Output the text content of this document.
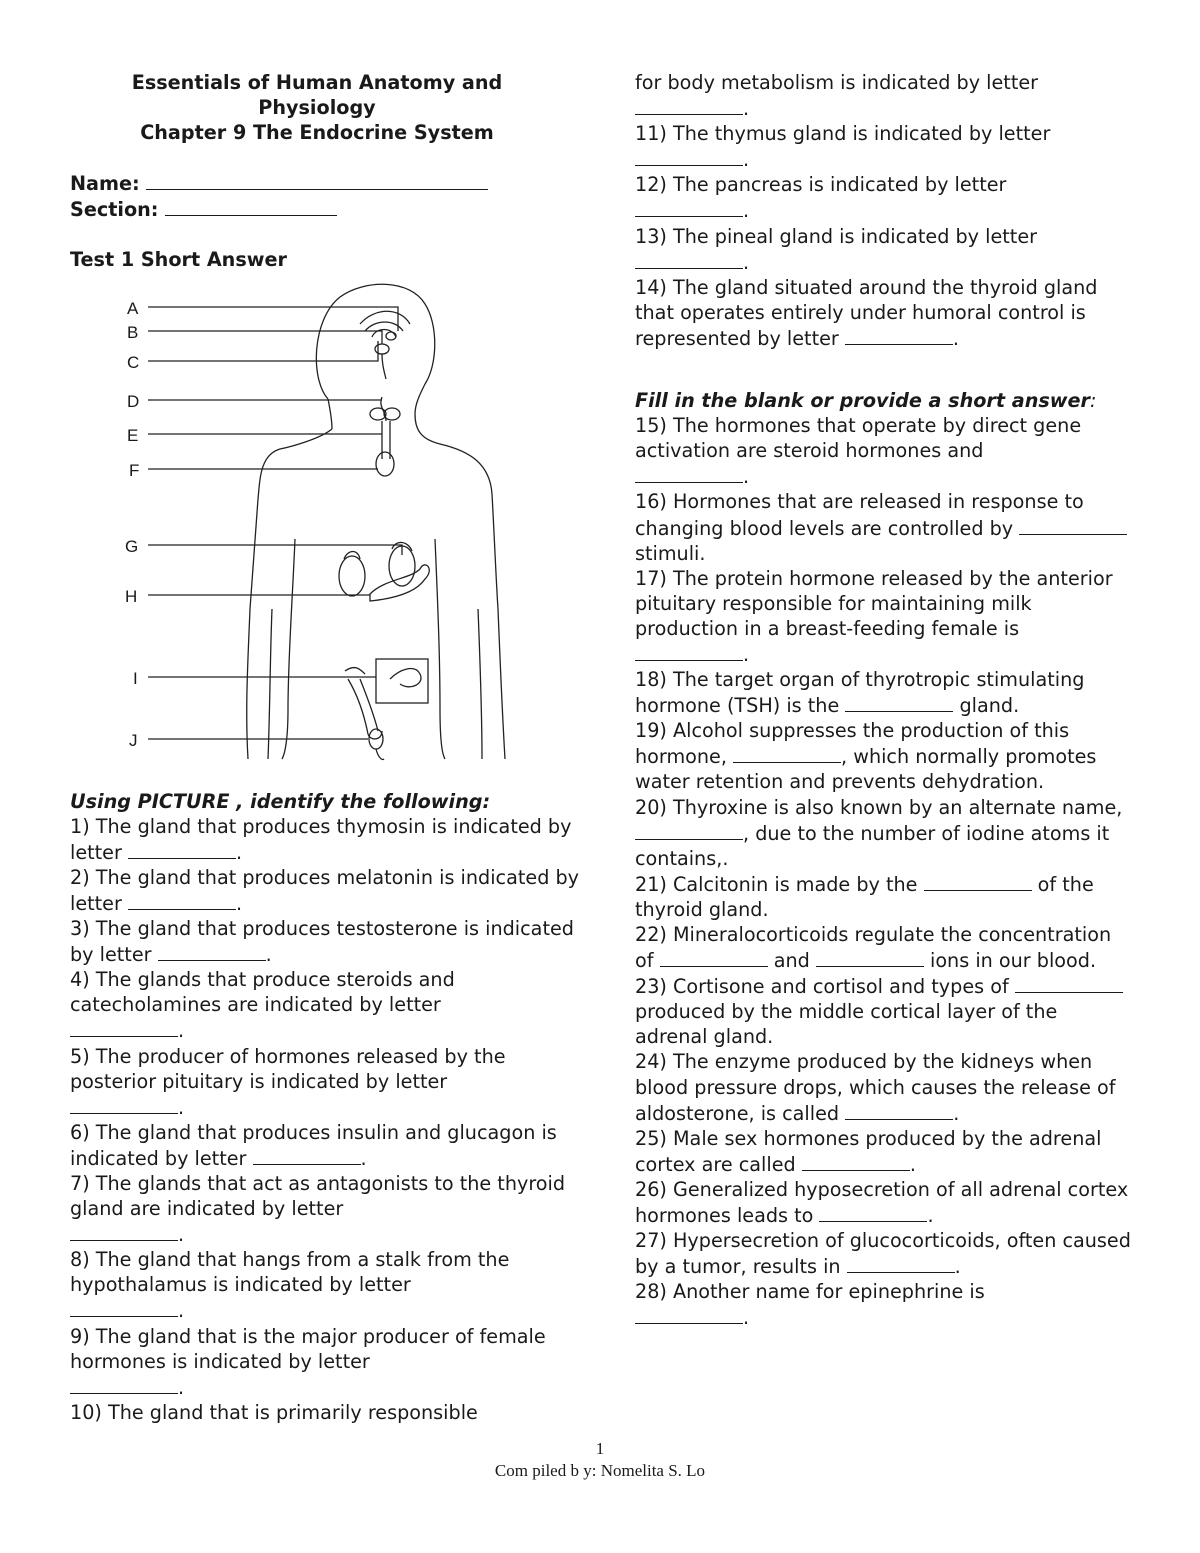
Essentials of Human Anatomy and
Physiology
Chapter 9 The Endocrine System
Name:
Section:
Test 1 Short Answer
A
B
C
D
E
F
G
H
I
J
Using PICTURE , identify the following:
1) The gland that produces thymosin is indicated by letter	.
2) The gland that produces melatonin is indicated by letter	.
3) The gland that produces testosterone is indicated by letter	.
4) The glands that produce steroids and catecholamines are indicated by letter
.
5) The producer of hormones released by the posterior pituitary is indicated by letter
.
6) The gland that produces insulin and glucagon is indicated by letter	.
7) The glands that act as antagonists to the thyroid gland are indicated by letter
.
8) The gland that hangs from a stalk from the hypothalamus is indicated by letter
.
9) The gland that is the major producer of female hormones is indicated by letter
.
10) The gland that is primarily responsible
for body metabolism is indicated by letter
.
11) The thymus gland is indicated by letter
.
12) The pancreas is indicated by letter
.
13) The pineal gland is indicated by letter
.
14) The gland situated around the thyroid gland that operates entirely under humoral control is represented by letter	.
Fill in the blank or provide a short answer:
15) The hormones that operate by direct gene activation are steroid hormones and
.
16) Hormones that are released in response to changing blood levels are controlled by  stimuli.
17) The protein hormone released by the anterior pituitary responsible for maintaining milk production in a breast-feeding female is
.
18) The target organ of thyrotropic stimulating hormone (TSH) is the	gland.
19) Alcohol suppresses the production of this hormone,	, which normally promotes water retention and prevents dehydration.
20) Thyroxine is also known by an alternate name, , due to the number of iodine atoms it contains,.
21) Calcitonin is made by the	of the thyroid gland.
22) Mineralocorticoids regulate the concentration of	and	ions in our blood.
23) Cortisone and cortisol and types of  produced by the middle cortical layer of the adrenal gland.
24) The enzyme produced by the kidneys when blood pressure drops, which causes the release of aldosterone, is called	.
25) Male sex hormones produced by the adrenal cortex are called	.
26) Generalized hyposecretion of all adrenal cortex hormones leads to	.
27) Hypersecretion of glucocorticoids, often caused by a tumor, results in	.
28) Another name for epinephrine is
.
1
Com piled b y: Nomelita S. Lo
